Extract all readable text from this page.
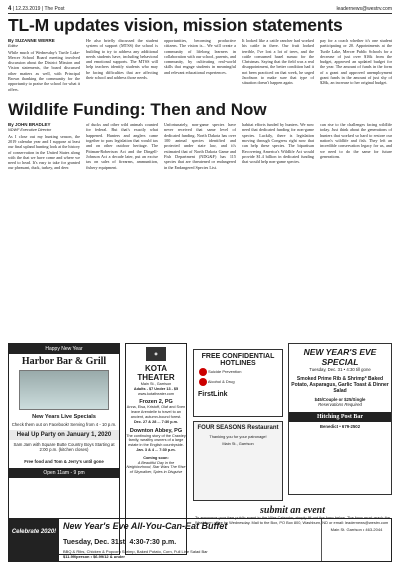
4 | 12.23.2019 | The Post	leadernews@westrv.com
TL-M updates vision, mission statements
By SUZANNE WERRE
Editor
While much of Wednesday's Turtle Lake-Mercer School Board meeting involved discussion about the District Mission and Vision statements, the board discussed other matters as well, with Principal Brown thanking the community for the opportunity to praise the school for what it offers.

He also briefly discussed the student system of support (MTSS) the school is building to try to address any additional needs students have, including behavioral and emotional supports. The MTSS will help teachers identify students who may be facing difficulties that are affecting their school and address those needs.
opportunities, becoming productive citizens. The vision is... We will create a community of lifelong learners in collaboration with our school, parents, and community, by cultivating real-world skills that engage students in meaningful and relevant educational experiences.
It looked like a cattle rancher had worked his cattle in there. Our fruit looked terrible, I've lost a lot of trees, and the cattle consumed hazel sumac for the Christmas. Saying that the field was a real disappointment, the better condition had it not been practiced on that week, he urged Jacobson to make sure that type of situation doesn't happen again.
pay for a coach whether it's one student participating or 20. Appointments at the Turtle Lake, Mercer Public Schools for a decrease of just over $16k from the budget, approved an updated budget for the year. The amount of funds in the form of a grant and approved unemployment grant funds in the amount of just shy of $26k, an increase to her original budget.
Wildlife Funding: Then and Now
By JOHN BRADLEY
NDWF Executive Director
As I close out my hunting season, the 2019 calendar year and I suppose at least our final upland hunting look at the history of conservation in the United States along with the that we have come and where we need to head. It's easy to take for granted our pheasant, duck, turkey, and deer.
of ducks and other wild animals counted for federal. But that's exactly what happened. Hunters and anglers came together to pass legislation that would tax and on other outdoor heritage. The Pittman-Robertson Act and the Dingell-Johnson Act a decade later, put an excise tax on sales of firearms, ammunition, fishery equipment.
Unfortunately, non-game species have never received that same level of dedicated funding. North Dakota has over 100 animal species identified and protected under state law, and it's estimated that of North Dakota Game and Fish Department (NDG&F) has 115 species that are threatened or endangered in the Endangered Species List.
habitat efforts funded by hunters. We now need that dedicated funding for non-game species. Luckily, there is legislation moving through Congress right now that can help these species. The bipartisan Recovering America's Wildlife Act would provide $1.4 billion in dedicated funding that would help non-game species.
can rise to the challenges facing wildlife today. Just think about the generations of hunters that worked so hard to restore our nation's wildlife and fish. They left an incredible conservation legacy for us, and we need to do the same for future generations.
Happy New Year
Harbor Bar & Grill
New Years Live Specials
Check them out on Facebook! Serving from 4 - 10 p.m.
Heal Up Party on January 1, 2020
Sam Jam with Square Butte Country Boys Starting at 2:00 p.m. (kitchen closes)
Free food and Tom & Jerry's until gone
Open 11am - 9 pm
◉
KOTA THEATER
Main St., Garrison
Adults - $7 Under 13 - $5
www.kotatheater.com
Frozen 2, PG
Anna, Elsa, Kristoff, Olaf and Sven leave Arendelle to travel to an ancient, autumn-bound forest.
Dec. 27 & 28 ... 7:30 p.m.
Downton Abbey, PG
The continuing story of the Crawley family, wealthy owners of a large estate in the English countryside.
Jan. 3 & 4 ... 7:30 p.m.
Coming soon:
A Beautiful Day in the Neighborhood, Star Wars The Rise of Skywalker, Spies in Disguise
FREE CONFIDENTIAL HOTLINES
Suicide Prevention
Alcohol & Drug
FirstLink
NEW YEAR'S EVE SPECIAL
Tuesday, Dec. 31 • 4:30 till gone
Smoked Prime Rib & Shrimp* Baked Potato, Asparagus, Garlic Toast & Dinner Salad
$45/Couple or $25/Single
Reservations Required
Hitching Post Bar
Benedict • 679-2502
FOUR SEASONS Restaurant
Thanking you for your patronage!
Main St., Garrison
submit an event
To announce your free public event in the Wire Calendar, simply fill out the form below. The form must reach the Washburn office by Wednesday. Mail to the Box, PO Box 800, Washburn, ND or email: leadernews@westrv.com
Celebrate 2020!
New Year's Eve All-You-Can-Eat Buffet
Tuesday, Dec. 31st 4:30-7:30 p.m.
BBQ & Ribs, Chicken & Popcorn Shrimp, Baked Potato, Corn, Full Line Salad Bar
$11.99/person • $6.99/12 & under
Main St. Garrison • 463-2044
